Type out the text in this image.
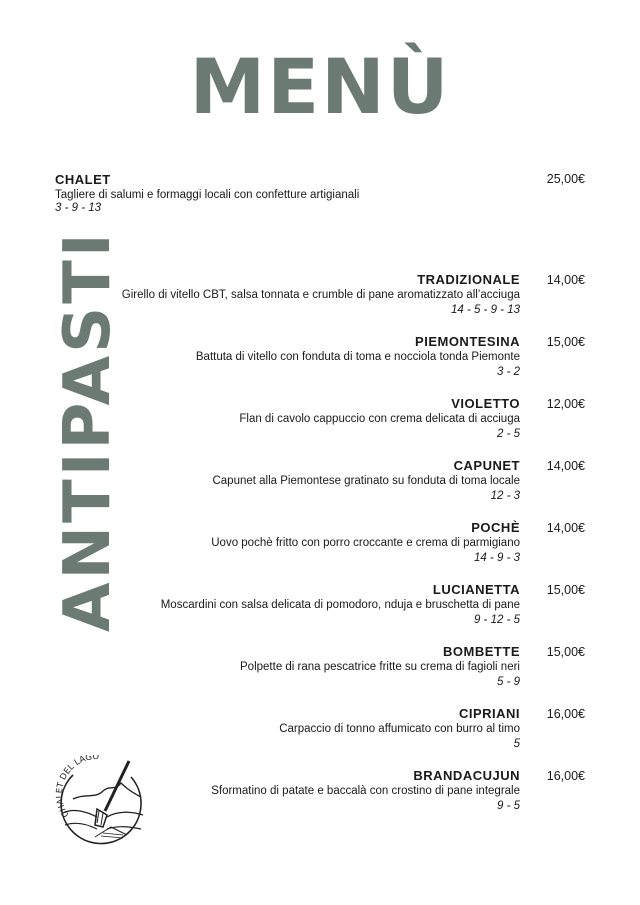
MENÙ
CHALET
Tagliere di salumi e formaggi locali con confetture artigianali
3 - 9 - 13
25,00€
ANTIPASTI	TRADIZIONALE
Girello di vitello CBT, salsa tonnata e crumble di pane aromatizzato all’acciuga
14 - 5 - 9 - 13
14,00€
PIEMONTESINA
Battuta di vitello con fonduta di toma e nocciola tonda Piemonte
3 - 2
15,00€
VIOLETTO
Flan di cavolo cappuccio con crema delicata di acciuga
2 - 5
12,00€
CAPUNET
Capunet alla Piemontese gratinato su fonduta di toma locale
12 - 3
14,00€
POCHÈ
Uovo pochè fritto con porro croccante e crema di parmigiano
14 - 9 - 3
14,00€
LUCIANETTA
Moscardini con salsa delicata di pomodoro, nduja e bruschetta di pane
9 - 12 - 5
15,00€
BOMBETTE
Polpette di rana pescatrice fritte su crema di fagioli neri
5 - 9
15,00€
CIPRIANI
Carpaccio di tonno affumicato con burro al timo
5
16,00€
BRANDACUJUN
Sformatino di patate e baccalà con crostino di pane integrale
9 - 5
16,00€
CHALET DEL LAGO
